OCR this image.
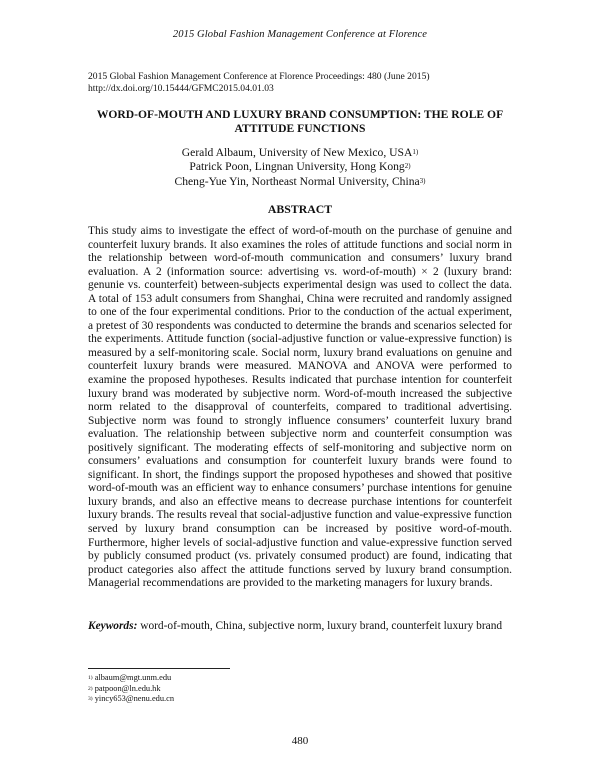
2015 Global Fashion Management Conference at Florence
2015 Global Fashion Management Conference at Florence Proceedings: 480 (June 2015)
http://dx.doi.org/10.15444/GFMC2015.04.01.03
WORD-OF-MOUTH AND LUXURY BRAND CONSUMPTION: THE ROLE OF
ATTITUDE FUNCTIONS
Gerald Albaum, University of New Mexico, USA$^{1)}$
Patrick Poon, Lingnan University, Hong Kong$^{2)}$
Cheng-Yue Yin, Northeast Normal University, China$^{3)}$
ABSTRACT
This study aims to investigate the effect of word-of-mouth on the purchase of genuine and counterfeit luxury brands. It also examines the roles of attitude functions and social norm in the relationship between word-of-mouth communication and consumers’ luxury brand evaluation. A 2 (information source: advertising vs. word-of-mouth) × 2 (luxury brand: genunie vs. counterfeit) between-subjects experimental design was used to collect the data. A total of 153 adult consumers from Shanghai, China were recruited and randomly assigned to one of the four experimental conditions. Prior to the conduction of the actual experiment, a pretest of 30 respondents was conducted to determine the brands and scenarios selected for the experiments. Attitude function (social-adjustive function or value-expressive function) is measured by a self-monitoring scale. Social norm, luxury brand evaluations on genuine and counterfeit luxury brands were measured. MANOVA and ANOVA were performed to examine the proposed hypotheses. Results indicated that purchase intention for counterfeit luxury brand was moderated by subjective norm. Word-of-mouth increased the subjective norm related to the disapproval of counterfeits, compared to traditional advertising. Subjective norm was found to strongly influence consumers’ counterfeit luxury brand evaluation. The relationship between subjective norm and counterfeit consumption was positively significant. The moderating effects of self-monitoring and subjective norm on consumers’ evaluations and consumption for counterfeit luxury brands were found to significant. In short, the findings support the proposed hypotheses and showed that positive word-of-mouth was an efficient way to enhance consumers’ purchase intentions for genuine luxury brands, and also an effective means to decrease purchase intentions for counterfeit luxury brands. The results reveal that social-adjustive function and value-expressive function served by luxury brand consumption can be increased by positive word-of-mouth. Furthermore, higher levels of social-adjustive function and value-expressive function served by publicly consumed product (vs. privately consumed product) are found, indicating that product categories also affect the attitude functions served by luxury brand consumption. Managerial recommendations are provided to the marketing managers for luxury brands.
Keywords: word-of-mouth, China, subjective norm, luxury brand, counterfeit luxury brand
$^{1)}$ albaum@mgt.unm.edu
$^{2)}$ patpoon@ln.edu.hk
$^{3)}$ yincy653@nenu.edu.cn
480
